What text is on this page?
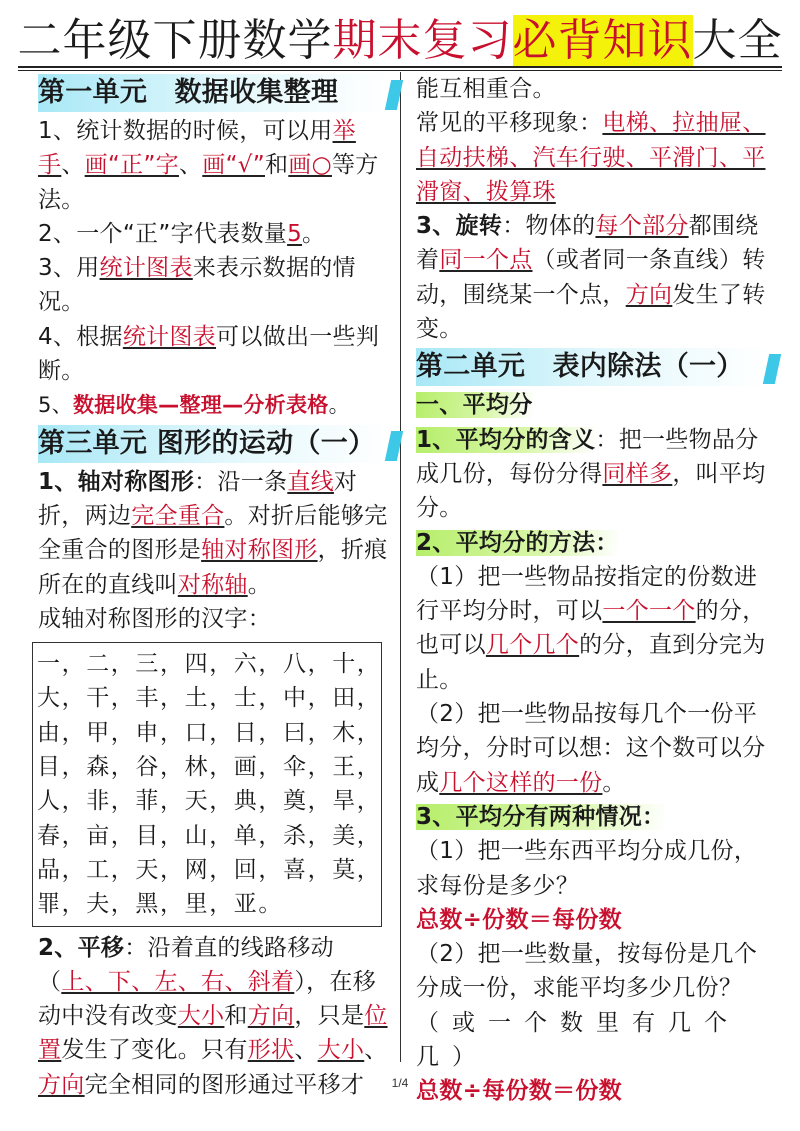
二年级下册数学期末复习必背知识大全
第一单元　数据收集整理

1、统计数据的时候，可以用举手、画“正”字、画“√”和画○等方法。

2、一个“正”字代表数量5。

3、用统计图表来表示数据的情况。

4、根据统计图表可以做出一些判断。

5、数据收集—整理—分析表格。

第三单元 图形的运动（一）

1、轴对称图形：沿一条直线对折，两边完全重合。对折后能够完全重合的图形是轴对称图形，折痕所在的直线叫对称轴。

成轴对称图形的汉字：

一，二，三，四，六，八，十，

大，干，丰，土，士，中，田，

由，甲，申，口，日，曰，木，

目，森，谷，林，画，伞，王，

人，非，菲，天，典，奠，旱，

春，亩，目，山，单，杀，美，

品，工，天，网，回，喜，莫，

罪，夫，黑，里，亚。

2、平移：沿着直的线路移动（上、下、左、右、斜着），在移动中没有改变大小和方向，只是位置发生了变化。只有形状、大小、方向完全相同的图形通过平移才

能互相重合。

常见的平移现象：电梯、拉抽屉、自动扶梯、汽车行驶、平滑门、平滑窗、拨算珠

3、旋转：物体的每个部分都围绕着同一个点（或者同一条直线）转动，围绕某一个点，方向发生了转变。

第二单元　表内除法（一）

一、平均分

1、平均分的含义：把一些物品分成几份，每份分得同样多，叫平均分。

2、平均分的方法：

（1）把一些物品按指定的份数进行平均分时，可以一个一个的分，也可以几个几个的分，直到分完为止。

（2）把一些物品按每几个一份平均分，分时可以想：这个数可以分成几个这样的一份。

3、平均分有两种情况：

（1）把一些东西平均分成几份，求每份是多少？

总数÷份数＝每份数

（2）把一些数量，按每份是几个分成一份，求能平均多少几份？

（或一个数里有几个几）

总数÷每份数＝份数

1/4
